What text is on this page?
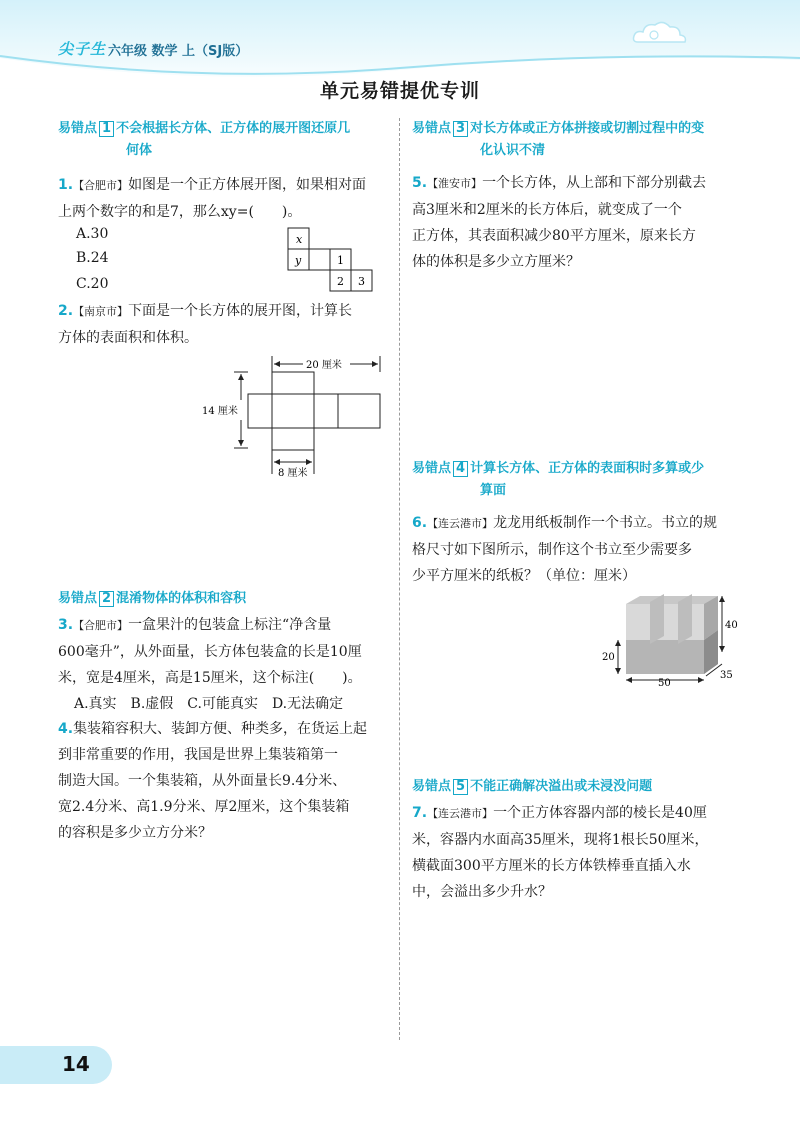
尖子生 六年级 数学 上（SJ版）
单元易错提优专训
易错点 1 不会根据长方体、正方体的展开图还原几
何体
1.【合肥市】如图是一个正方体展开图，如果相对面
上两个数字的和是7，那么xy=(　　)。
A.30
B.24
C.20
x
y	1
2 3
2.【南京市】下面是一个长方体的展开图，计算长
方体的表面积和体积。
20 厘米
14 厘米
8 厘米
易错点 2 混淆物体的体积和容积
3.【合肥市】一盒果汁的包装盒上标注“净含量
600毫升”，从外面量，长方体包装盒的长是10厘
米，宽是4厘米，高是15厘米，这个标注(　　)。
A.真实　B.虚假　C.可能真实　D.无法确定
4.集装箱容积大、装卸方便、种类多，在货运上起
到非常重要的作用，我国是世界上集装箱第一
制造大国。一个集装箱，从外面量长9.4分米、
宽2.4分米、高1.9分米、厚2厘米，这个集装箱
的容积是多少立方分米？
易错点 3 对长方体或正方体拼接或切割过程中的变
化认识不清
5.【淮安市】一个长方体，从上部和下部分别截去
高3厘米和2厘米的长方体后，就变成了一个
正方体，其表面积减少80平方厘米，原来长方
体的体积是多少立方厘米？
易错点 4 计算长方体、正方体的表面积时多算或少
算面
6.【连云港市】龙龙用纸板制作一个书立。书立的规
格尺寸如下图所示，制作这个书立至少需要多
少平方厘米的纸板？（单位：厘米）
40
20
50
35
易错点 5 不能正确解决溢出或未浸没问题
7.【连云港市】一个正方体容器内部的棱长是40厘
米，容器内水面高35厘米，现将1根长50厘米，
横截面300平方厘米的长方体铁棒垂直插入水
中，会溢出多少升水？
14
